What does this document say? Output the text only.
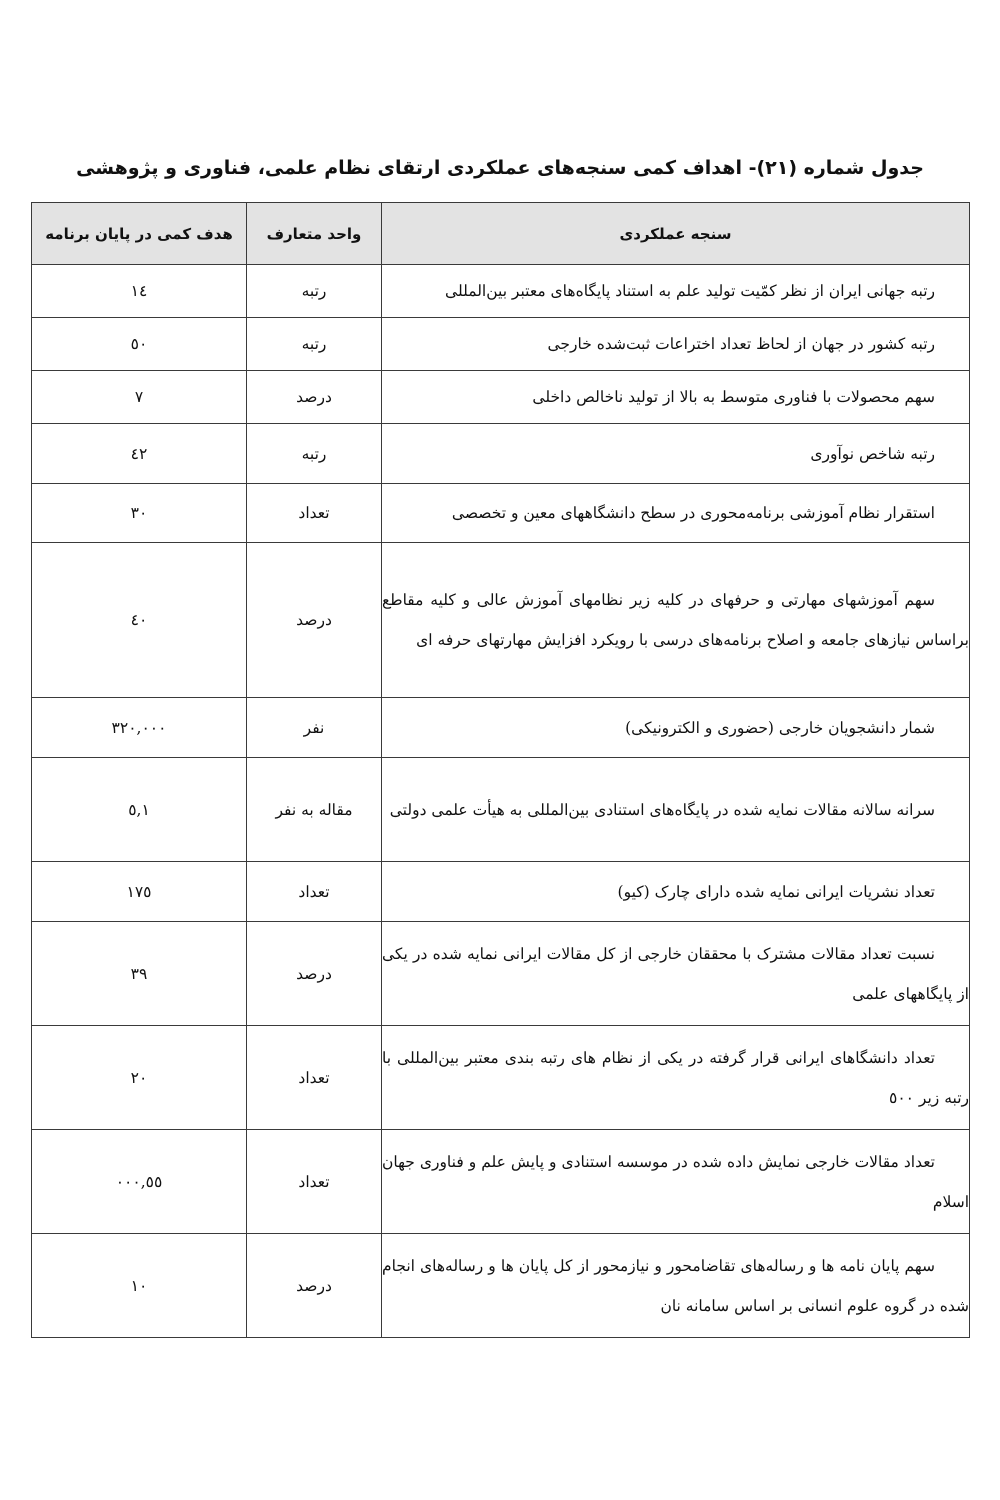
جدول شماره (۲۱)- اهداف کمی سنجه‌های عملکردی ارتقای نظام علمی، فناوری و پژوهشی
سنجه عملکردی	واحد متعارف	هدف کمی در پایان برنامه

رتبه جهانی ایران از نظر کمّیت تولید علم به استناد پایگاه‌های معتبر بین‌المللی	رتبه	۱٤

رتبه کشور در جهان از لحاظ تعداد اختراعات ثبت‌شده خارجی	رتبه	٥۰

سهم محصولات با فناوری متوسط به بالا از تولید ناخالص داخلی	درصد	۷

رتبه شاخص نوآوری	رتبه	٤۲

استقرار نظام آموزشی برنامه‌محوری در سطح دانشگاههای معین و تخصصی	تعداد	۳۰

سهم آموزشهای مهارتی و حرفهای در کلیه زیر نظامهای آموزش عالی و کلیه مقاطع براساس نیازهای جامعه و اصلاح برنامه‌های درسی با رویکرد افزایش مهارتهای حرفه ای	درصد	٤۰

شمار دانشجویان خارجی (حضوری و الکترونیکی)	نفر	۳۲۰,۰۰۰

سرانه سالانه مقالات نمایه شده در پایگاه‌های استنادی بین‌المللی به هیأت علمی دولتی	مقاله به نفر	۱,٥

تعداد نشریات ایرانی نمایه شده دارای چارک (کیو)	تعداد	۱۷٥

نسبت تعداد مقالات مشترک با محققان خارجی از کل مقالات ایرانی نمایه شده در یکی از پایگاههای علمی	درصد	۳۹

تعداد دانشگاهای ایرانی قرار گرفته در یکی از نظام های رتبه بندی معتبر بین‌المللی با رتبه زیر ٥۰۰	تعداد	۲۰

تعداد مقالات خارجی نمایش داده شده در موسسه استنادی و پایش علم و فناوری جهان اسلام	تعداد	٥٥,۰۰۰

سهم پایان نامه ها و رساله‌های تقاضامحور و نیازمحور از کل پایان ها و رساله‌های انجام شده در گروه علوم انسانی بر اساس سامانه نان	درصد	۱۰
